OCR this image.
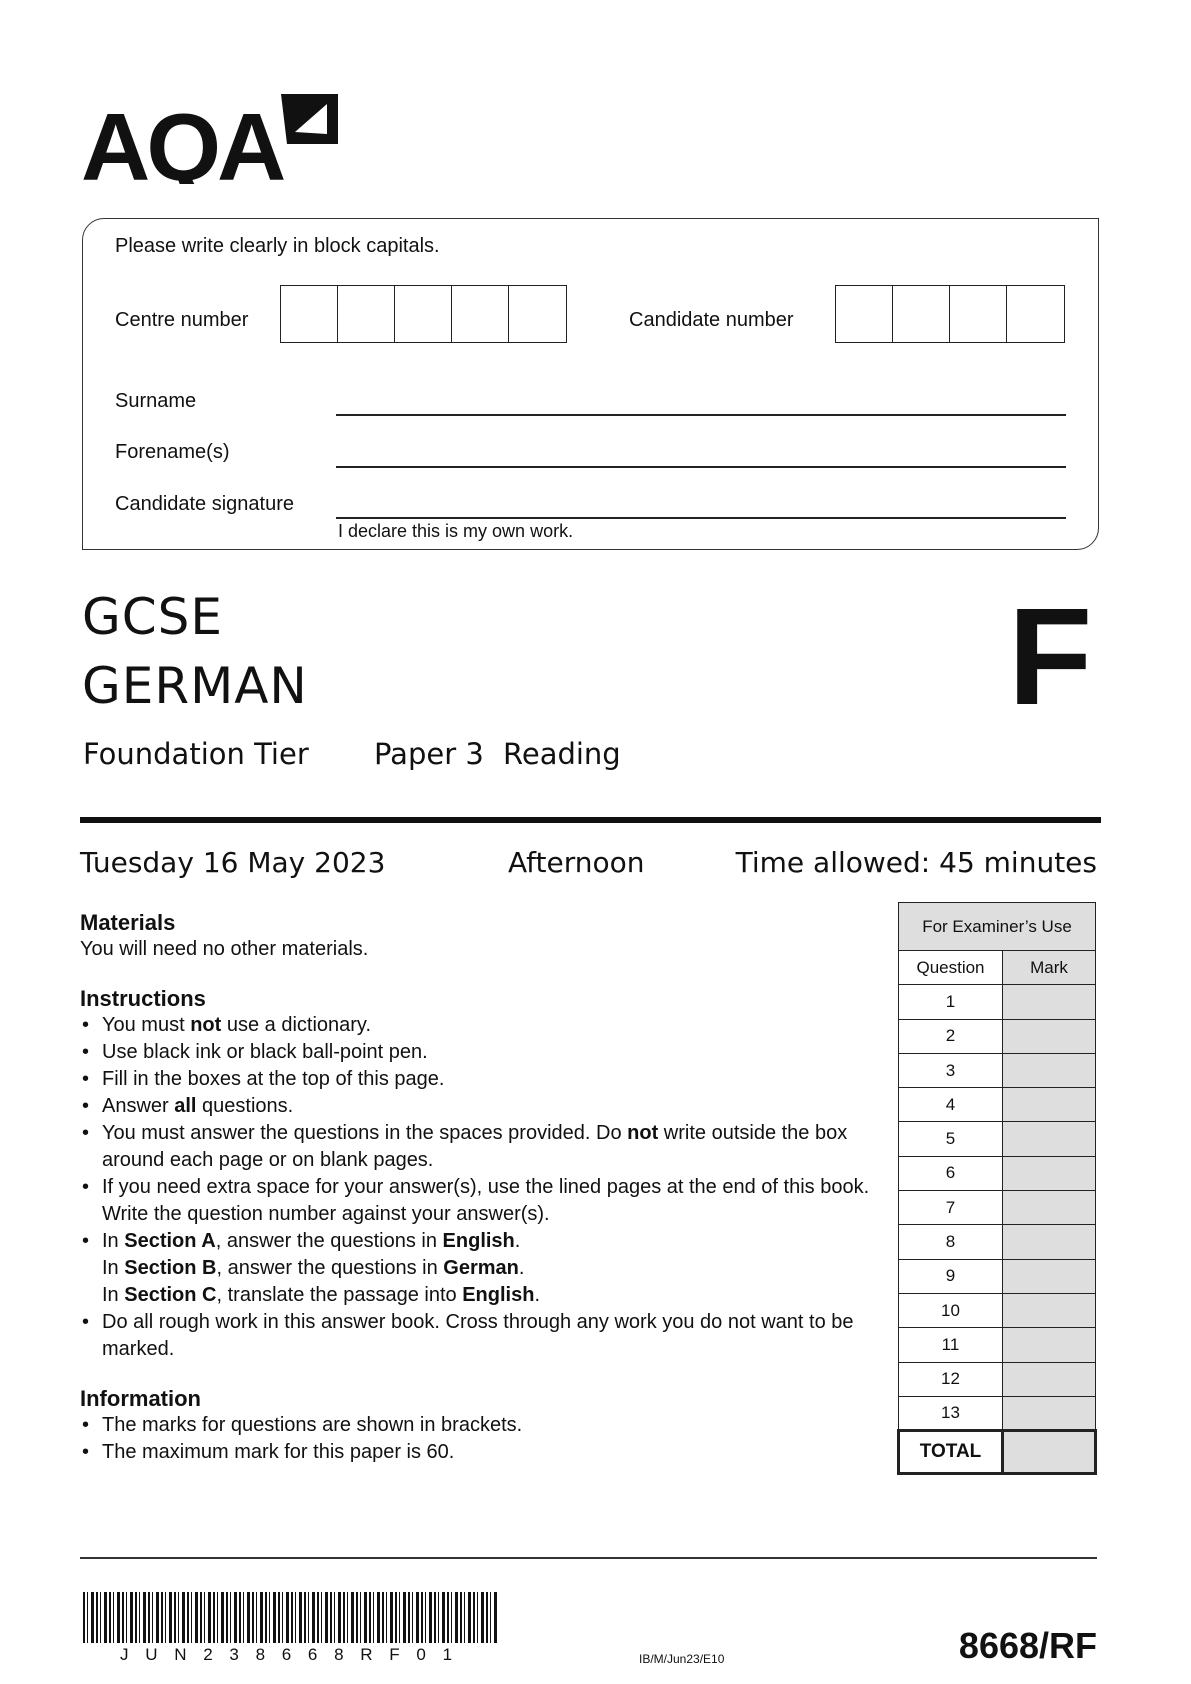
AQA
Please write clearly in block capitals.
Centre number	Candidate number
Surname
Forename(s)
Candidate signature
I declare this is my own work.
GCSE
GERMAN	F
Foundation Tier Paper 3 Reading
Tuesday 16 May 2023	Afternoon	Time allowed: 45 minutes
Materials
You will need no other materials.
Instructions
• You must not use a dictionary.
• Use black ink or black ball-point pen.
• Fill in the boxes at the top of this page.
• Answer all questions.
• You must answer the questions in the spaces provided. Do not write outside the box around each page or on blank pages.
• If you need extra space for your answer(s), use the lined pages at the end of this book. Write the question number against your answer(s).
• In Section A, answer the questions in English.
In Section B, answer the questions in German.
In Section C, translate the passage into English.
• Do all rough work in this answer book. Cross through any work you do not want to be marked.
Information
• The marks for questions are shown in brackets.
• The maximum mark for this paper is 60.
For Examiner’s Use	
Question	Mark
1	
2	
3	
4	
5	
6	
7	
8	
9	
10	
11	
12	
13	
TOTAL	
J U N 2 3 8 6 6 8 R F 0 1	IB/M/Jun23/E10	8668/RF
